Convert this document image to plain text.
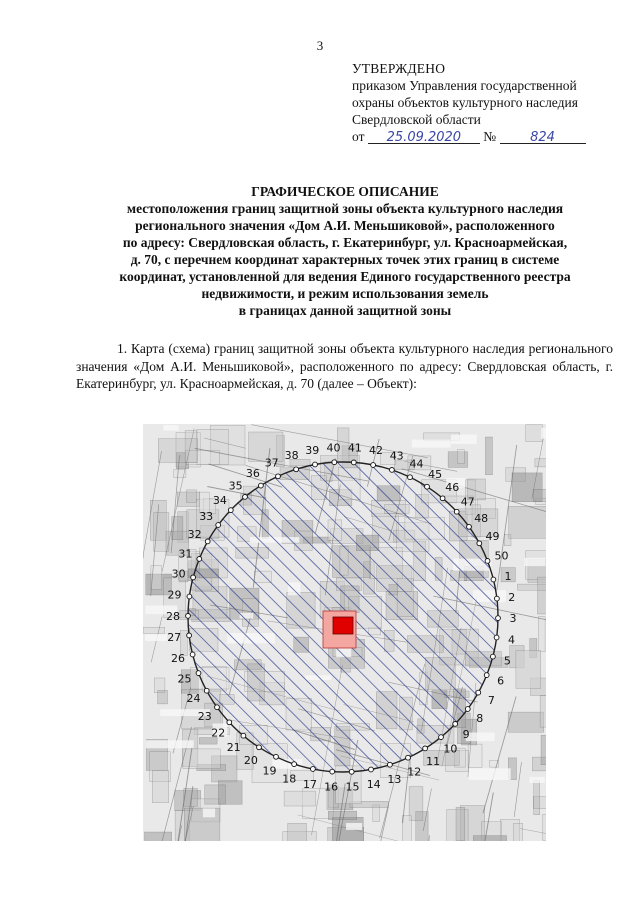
3
УТВЕРЖДЕНО
приказом Управления государственной
охраны объектов культурного наследия
Свердловской области
от 25.09.2020 №	824
ГРАФИЧЕСКОЕ ОПИСАНИЕ
местоположения границ защитной зоны объекта культурного наследия
регионального значения «Дом А.И. Меньшиковой», расположенного
по адресу: Свердловская область, г. Екатеринбург, ул. Красноармейская,
д. 70, с перечнем координат характерных точек этих границ в системе
координат, установленной для ведения Единого государственного реестра
недвижимости, и режим использования земель
в границах данной защитной зоны
1. Карта (схема) границ защитной зоны объекта культурного наследия регионального значения «Дом А.И. Меньшиковой», расположенного по адресу: Свердловская область, г. Екатеринбург, ул. Красноармейская, д. 70 (далее – Объект):
1
2
3
4
5
6
7
8
9
10
11
12
13
14
15
16
17
18
19
20
21
22
23
24
25
26
27
28
29
30
31
32
33
34
35
36
37
38 39 40 41 42 43
44
45
46
47
48
49
50
